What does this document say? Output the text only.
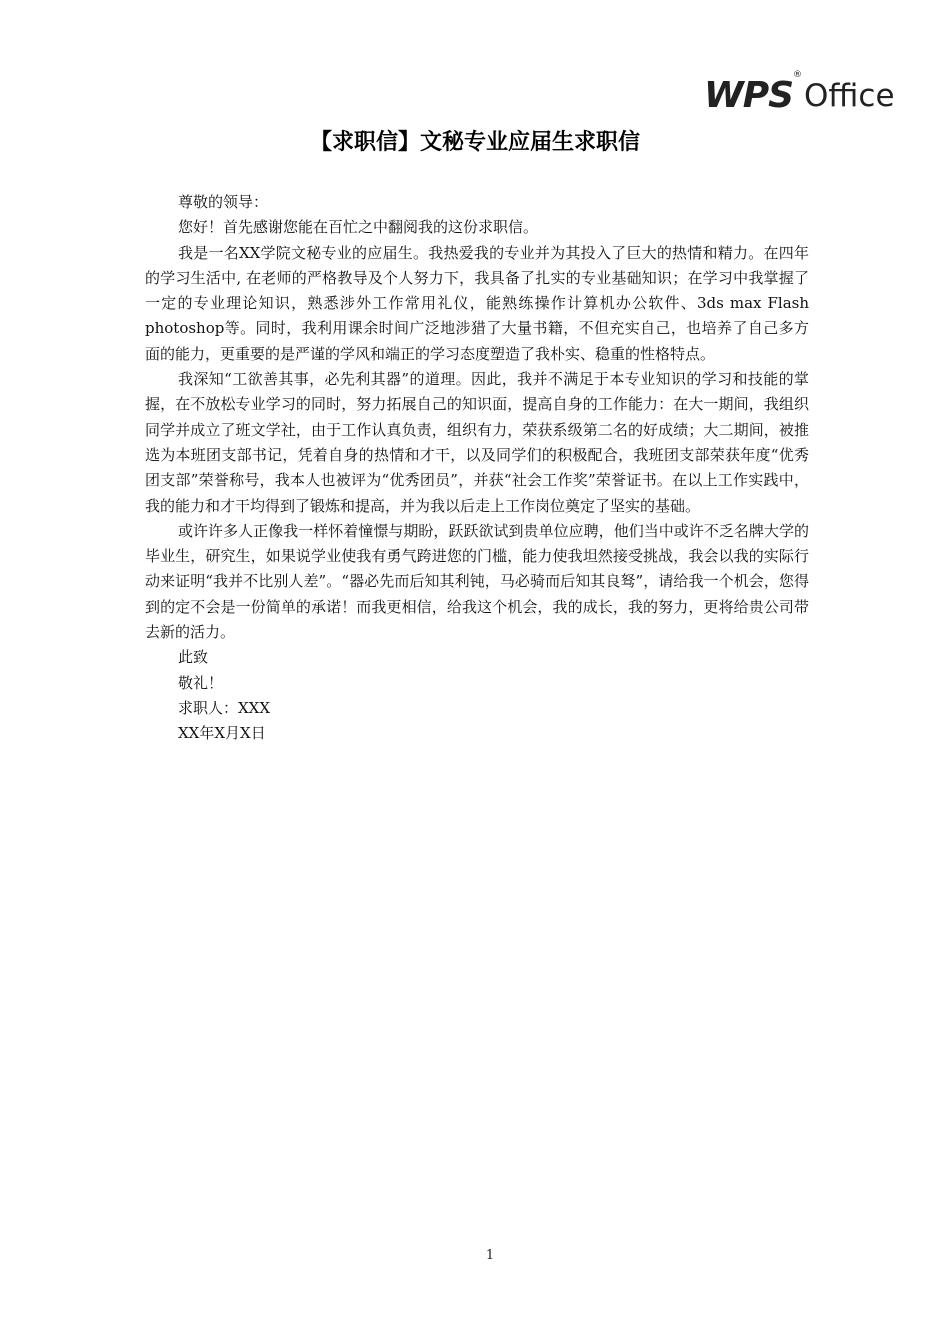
WPS ®
Office
【求职信】文秘专业应届生求职信

尊敬的领导：

您好！首先感谢您能在百忙之中翻阅我的这份求职信。

我是一名XX学院文秘专业的应届生。我热爱我的专业并为其投入了巨大的热情和精力。在四年的学习生活中, 在老师的严格教导及个人努力下，我具备了扎实的专业基础知识；在学习中我掌握了一定的专业理论知识，熟悉涉外工作常用礼仪，能熟练操作计算机办公软件、3ds max Flash photoshop等。同时，我利用课余时间广泛地涉猎了大量书籍，不但充实自己，也培养了自己多方面的能力，更重要的是严谨的学风和端正的学习态度塑造了我朴实、稳重的性格特点。

我深知“工欲善其事，必先利其器”的道理。因此，我并不满足于本专业知识的学习和技能的掌握，在不放松专业学习的同时，努力拓展自己的知识面，提高自身的工作能力：在大一期间，我组织同学并成立了班文学社，由于工作认真负责，组织有力，荣获系级第二名的好成绩；大二期间，被推选为本班团支部书记，凭着自身的热情和才干，以及同学们的积极配合，我班团支部荣获年度“优秀团支部”荣誉称号，我本人也被评为“优秀团员”，并获“社会工作奖”荣誉证书。在以上工作实践中，我的能力和才干均得到了锻炼和提高，并为我以后走上工作岗位奠定了坚实的基础。

或许许多人正像我一样怀着憧憬与期盼，跃跃欲试到贵单位应聘，他们当中或许不乏名牌大学的毕业生，研究生，如果说学业使我有勇气跨进您的门槛，能力使我坦然接受挑战，我会以我的实际行动来证明“我并不比别人差”。“器必先而后知其利钝，马必骑而后知其良驽”，请给我一个机会，您得到的定不会是一份简单的承诺！而我更相信，给我这个机会，我的成长，我的努力，更将给贵公司带去新的活力。

此致

敬礼！

求职人：XXX

XX年X月X日

1
